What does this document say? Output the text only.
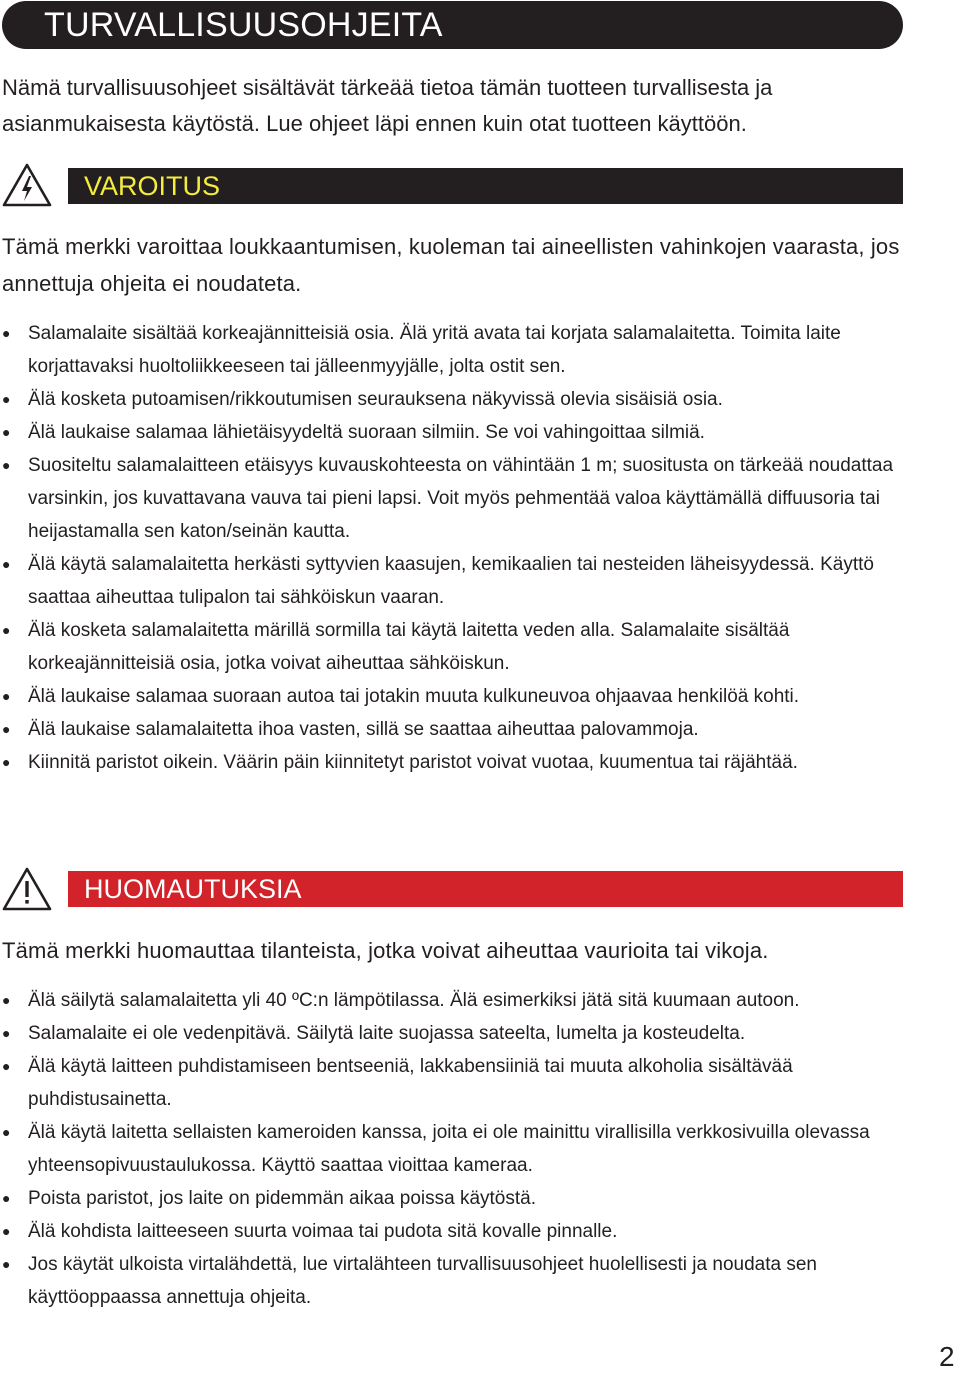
TURVALLISUUSOHJEITA

Nämä turvallisuusohjeet sisältävät tärkeää tietoa tämän tuotteen turvallisesta ja asianmukaisesta käytöstä. Lue ohjeet läpi ennen kuin otat tuotteen käyttöön.

VAROITUS

Tämä merkki varoittaa loukkaantumisen, kuoleman tai aineellisten vahinkojen vaarasta, jos annettuja ohjeita ei noudateta.

● Salamalaite sisältää korkeajännitteisiä osia. Älä yritä avata tai korjata salamalaitetta. Toimita laite korjattavaksi huoltoliikkeeseen tai jälleenmyyjälle, jolta ostit sen.
● Älä kosketa putoamisen/rikkoutumisen seurauksena näkyvissä olevia sisäisiä osia.
● Älä laukaise salamaa lähietäisyydeltä suoraan silmiin. Se voi vahingoittaa silmiä.
● Suositeltu salamalaitteen etäisyys kuvauskohteesta on vähintään 1 m; suositusta on tärkeää noudattaa varsinkin, jos kuvattavana vauva tai pieni lapsi. Voit myös pehmentää valoa käyttämällä diffuusoria tai heijastamalla sen katon/seinän kautta.
● Älä käytä salamalaitetta herkästi syttyvien kaasujen, kemikaalien tai nesteiden läheisyydessä. Käyttö saattaa aiheuttaa tulipalon tai sähköiskun vaaran.
● Älä kosketa salamalaitetta märillä sormilla tai käytä laitetta veden alla. Salamalaite sisältää korkeajännitteisiä osia, jotka voivat aiheuttaa sähköiskun.
● Älä laukaise salamaa suoraan autoa tai jotakin muuta kulkuneuvoa ohjaavaa henkilöä kohti.
● Älä laukaise salamalaitetta ihoa vasten, sillä se saattaa aiheuttaa palovammoja.
● Kiinnitä paristot oikein. Väärin päin kiinnitetyt paristot voivat vuotaa, kuumentua tai räjähtää.
HUOMAUTUKSIA

Tämä merkki huomauttaa tilanteista, jotka voivat aiheuttaa vaurioita tai vikoja.

● Älä säilytä salamalaitetta yli 40 ºC:n lämpötilassa. Älä esimerkiksi jätä sitä kuumaan autoon.
● Salamalaite ei ole vedenpitävä. Säilytä laite suojassa sateelta, lumelta ja kosteudelta.
● Älä käytä laitteen puhdistamiseen bentseeniä, lakkabensiiniä tai muuta alkoholia sisältävää puhdistusainetta.
● Älä käytä laitetta sellaisten kameroiden kanssa, joita ei ole mainittu virallisilla verkkosivuilla olevassa yhteensopivuustaulukossa. Käyttö saattaa vioittaa kameraa.
● Poista paristot, jos laite on pidemmän aikaa poissa käytöstä.
● Älä kohdista laitteeseen suurta voimaa tai pudota sitä kovalle pinnalle.
● Jos käytät ulkoista virtalähdettä, lue virtalähteen turvallisuusohjeet huolellisesti ja noudata sen käyttöoppaassa annettuja ohjeita.
2
